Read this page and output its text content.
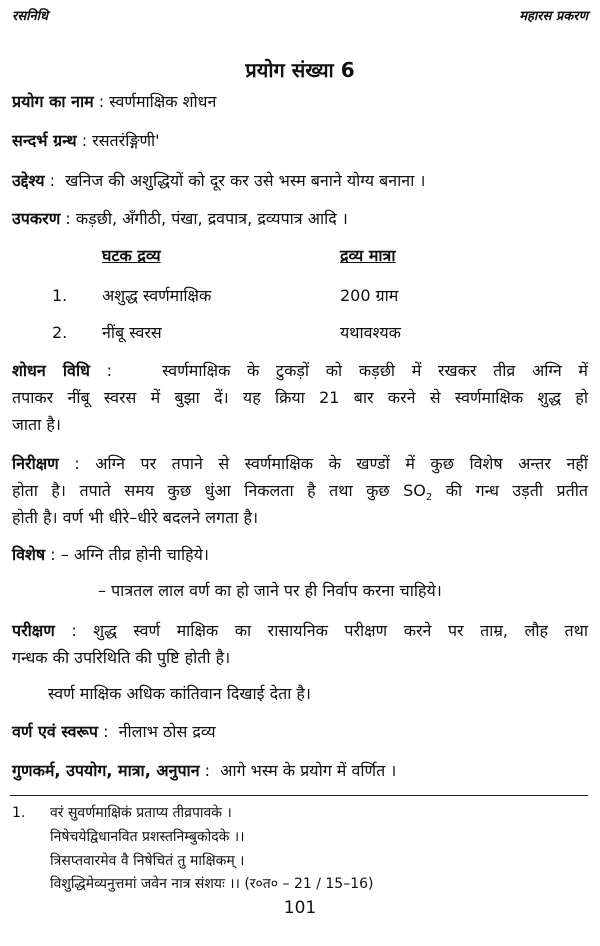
रसनिधि	महारस प्रकरण
प्रयोग संख्या 6
प्रयोग का नाम : स्वर्णमाक्षिक शोधन
सन्दर्भ ग्रन्थ : रसतरंङ्गिणी'
उद्देश्य :  खनिज की अशुद्धियों को दूर कर उसे भस्म बनाने योग्य बनाना ।
उपकरण : कड़छी, अँगीठी, पंखा, द्रवपात्र, द्रव्यपात्र आदि ।
घटक द्रव्य	द्रव्य मात्रा
1. अशुद्ध स्वर्णमाक्षिक	200 ग्राम
2. नींबू स्वरस	यथावश्यक
शोधन विधि :   स्वर्णमाक्षिक के टुकड़ों को कड़छी में रखकर तीव्र अग्नि में
तपाकर नींबू स्वरस में बुझा दें। यह क्रिया 21 बार करने से स्वर्णमाक्षिक शुद्ध हो
जाता है।
निरीक्षण : अग्नि पर तपाने से स्वर्णमाक्षिक के खण्डों में कुछ विशेष अन्तर नहीं
होता है। तपाते समय कुछ धुंआ निकलता है तथा कुछ $SO_2$ की गन्ध उड़ती प्रतीत
होती है। वर्ण भी धीरे–धीरे बदलने लगता है।
विशेष : – अग्नि तीव्र होनी चाहिये।
– पात्रतल लाल वर्ण का हो जाने पर ही निर्वाप करना चाहिये।
परीक्षण : शुद्ध स्वर्ण माक्षिक का रासायनिक परीक्षण करने पर ताम्र, लौह तथा
गन्धक की उपरिथिति की पुष्टि होती है।
स्वर्ण माक्षिक अधिक कांतिवान दिखाई देता है।
वर्ण एवं स्वरूप :  नीलाभ ठोस द्रव्य
गुणकर्म, उपयोग, मात्रा, अनुपान :  आगे भस्म के प्रयोग में वर्णित ।
1. वरं सुवर्णमाक्षिकं प्रताप्य तीव्रपावके ।
निषेचयेद्विधानवित प्रशस्तनिम्बुकोदके ।।
त्रिसप्तवारमेव वै निषेचितं तु माक्षिकम् ।
विशुद्धिमेव्यनुत्तमां जवेन नात्र संशयः ।। (र०त० – 21 / 15–16)
101
